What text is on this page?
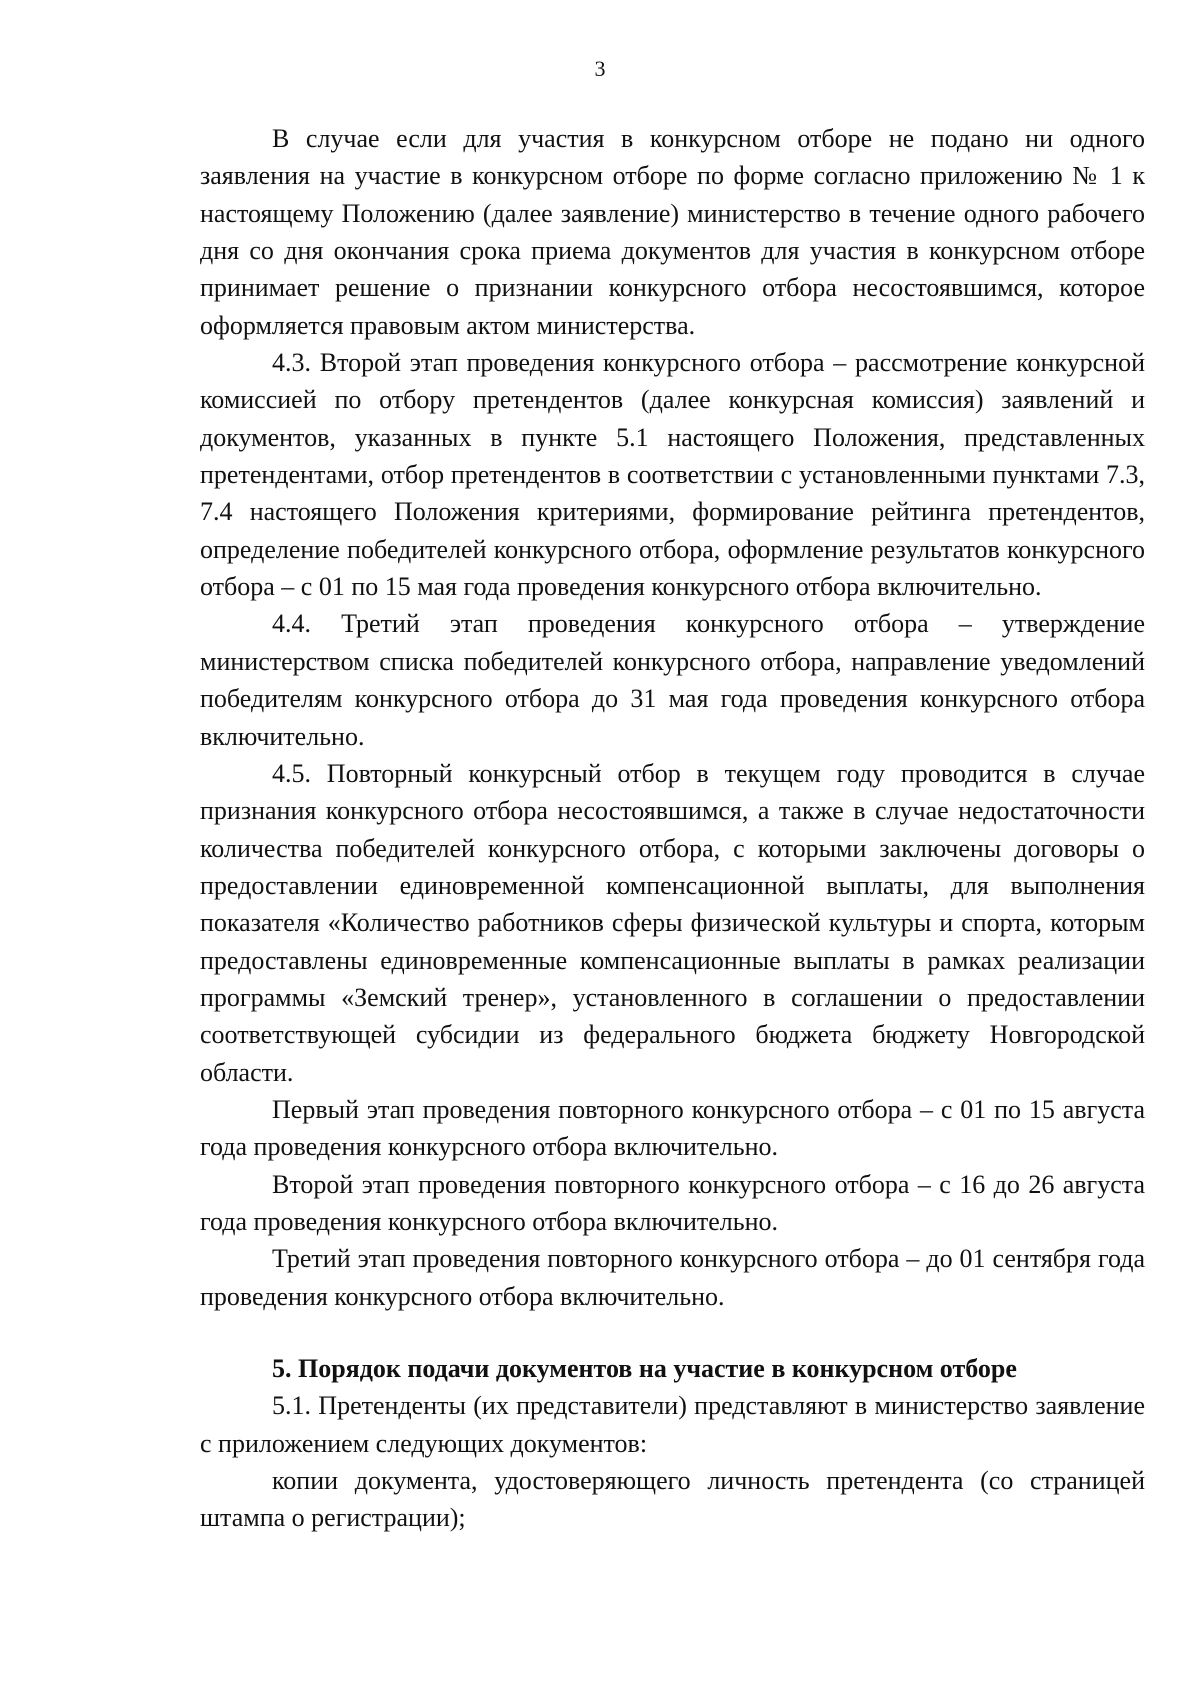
3

В случае если для участия в конкурсном отборе не подано ни одного заявления на участие в конкурсном отборе по форме согласно приложению № 1 к настоящему Положению (далее заявление) министерство в течение одного рабочего дня со дня окончания срока приема документов для участия в конкурсном отборе принимает решение о признании конкурсного отбора несостоявшимся, которое оформляется правовым актом министерства.

4.3. Второй этап проведения конкурсного отбора – рассмотрение конкурсной комиссией по отбору претендентов (далее конкурсная комиссия) заявлений и документов, указанных в пункте 5.1 настоящего Положения, представленных претендентами, отбор претендентов в соответствии с установленными пунктами 7.3, 7.4 настоящего Положения критериями, формирование рейтинга претендентов, определение победителей конкурсного отбора, оформление результатов конкурсного отбора – с 01 по 15 мая года проведения конкурсного отбора включительно.

4.4. Третий этап проведения конкурсного отбора – утверждение министерством списка победителей конкурсного отбора, направление уведомлений победителям конкурсного отбора до 31 мая года проведения конкурсного отбора включительно.

4.5. Повторный конкурсный отбор в текущем году проводится в случае признания конкурсного отбора несостоявшимся, а также в случае недостаточности количества победителей конкурсного отбора, с которыми заключены договоры о предоставлении единовременной компенсационной выплаты, для выполнения показателя «Количество работников сферы физической культуры и спорта, которым предоставлены единовременные компенсационные выплаты в рамках реализации программы «Земский тренер», установленного в соглашении о предоставлении соответствующей субсидии из федерального бюджета бюджету Новгородской области.

Первый этап проведения повторного конкурсного отбора – с 01 по 15 августа года проведения конкурсного отбора включительно.

Второй этап проведения повторного конкурсного отбора – с 16 до 26 августа года проведения конкурсного отбора включительно.

Третий этап проведения повторного конкурсного отбора – до 01 сентября года проведения конкурсного отбора включительно.

5. Порядок подачи документов на участие в конкурсном отборе

5.1. Претенденты (их представители) представляют в министерство заявление с приложением следующих документов:

копии документа, удостоверяющего личность претендента (со страницей штампа о регистрации);
